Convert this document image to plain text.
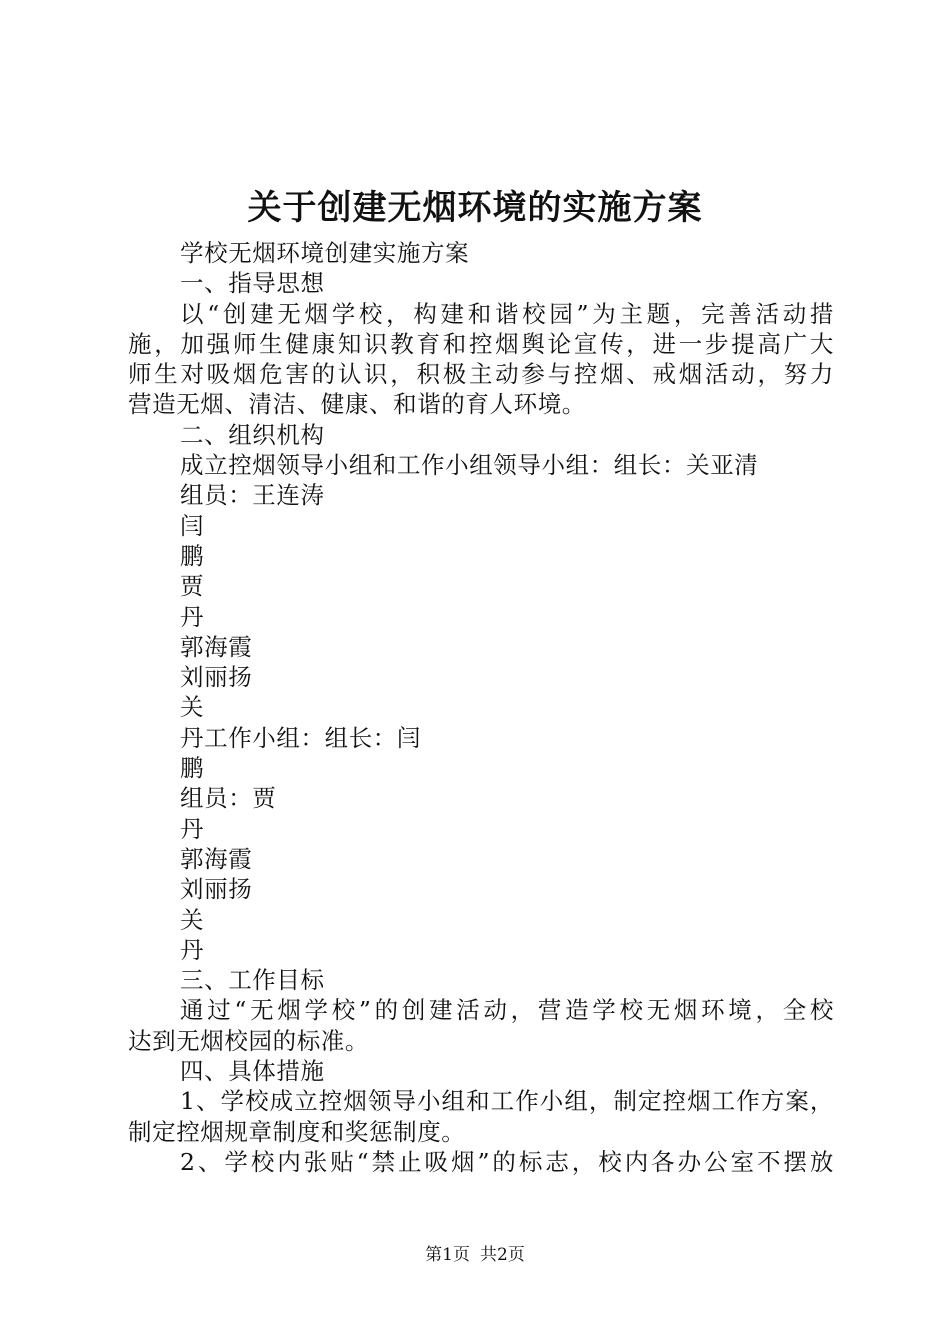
关于创建无烟环境的实施方案
学校无烟环境创建实施方案
一、指导思想
以“创建无烟学校，构建和谐校园”为主题，完善活动措
施，加强师生健康知识教育和控烟舆论宣传，进一步提高广大
师生对吸烟危害的认识，积极主动参与控烟、戒烟活动，努力
营造无烟、清洁、健康、和谐的育人环境。
二、组织机构
成立控烟领导小组和工作小组领导小组：组长：关亚清
组员：王连涛
闫
鹏
贾
丹
郭海霞
刘丽扬
关
丹工作小组：组长：闫
鹏
组员：贾
丹
郭海霞
刘丽扬
关
丹
三、工作目标
通过“无烟学校”的创建活动，营造学校无烟环境，全校
达到无烟校园的标准。
四、具体措施
1、学校成立控烟领导小组和工作小组，制定控烟工作方案，
制定控烟规章制度和奖惩制度。
2、学校内张贴“禁止吸烟”的标志，校内各办公室不摆放
第1页 共2页
